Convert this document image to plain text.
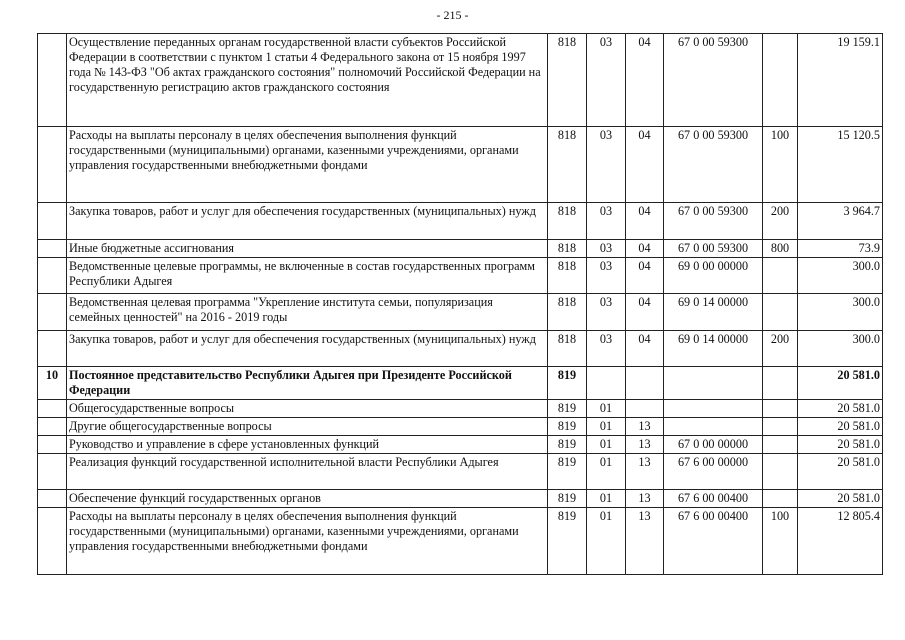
- 215 -
	Осуществление переданных органам государственной власти субъектов Российской Федерации в соответствии с пунктом 1 статьи 4 Федерального закона от 15 ноября 1997 года № 143-ФЗ "Об актах гражданского состояния" полномочий Российской Федерации на государственную регистрацию актов гражданского состояния	818	03	04	67 0 00 59300		19 159.1
	Расходы на выплаты персоналу в целях обеспечения выполнения функций государственными (муниципальными) органами, казенными учреждениями, органами управления государственными внебюджетными фондами	818	03	04	67 0 00 59300	100	15 120.5
	Закупка товаров, работ и услуг для обеспечения государственных (муниципальных) нужд	818	03	04	67 0 00 59300	200	3 964.7
	Иные бюджетные ассигнования	818	03	04	67 0 00 59300	800	73.9
	Ведомственные целевые программы, не включенные в состав государственных программ Республики Адыгея	818	03	04	69 0 00 00000		300.0
	Ведомственная целевая программа "Укрепление института семьи, популяризация семейных ценностей" на 2016 - 2019 годы	818	03	04	69 0 14 00000		300.0
	Закупка товаров, работ и услуг для обеспечения государственных (муниципальных) нужд	818	03	04	69 0 14 00000	200	300.0
10	Постоянное представительство Республики Адыгея при Президенте Российской Федерации	819					20 581.0
	Общегосударственные вопросы	819	01				20 581.0
	Другие общегосударственные вопросы	819	01	13			20 581.0
	Руководство и управление в сфере установленных функций	819	01	13	67 0 00 00000		20 581.0
	Реализация функций государственной исполнительной власти Республики Адыгея	819	01	13	67 6 00 00000		20 581.0
	Обеспечение функций государственных органов	819	01	13	67 6 00 00400		20 581.0
	Расходы на выплаты персоналу в целях обеспечения выполнения функций государственными (муниципальными) органами, казенными учреждениями, органами управления государственными внебюджетными фондами	819	01	13	67 6 00 00400	100	12 805.4
